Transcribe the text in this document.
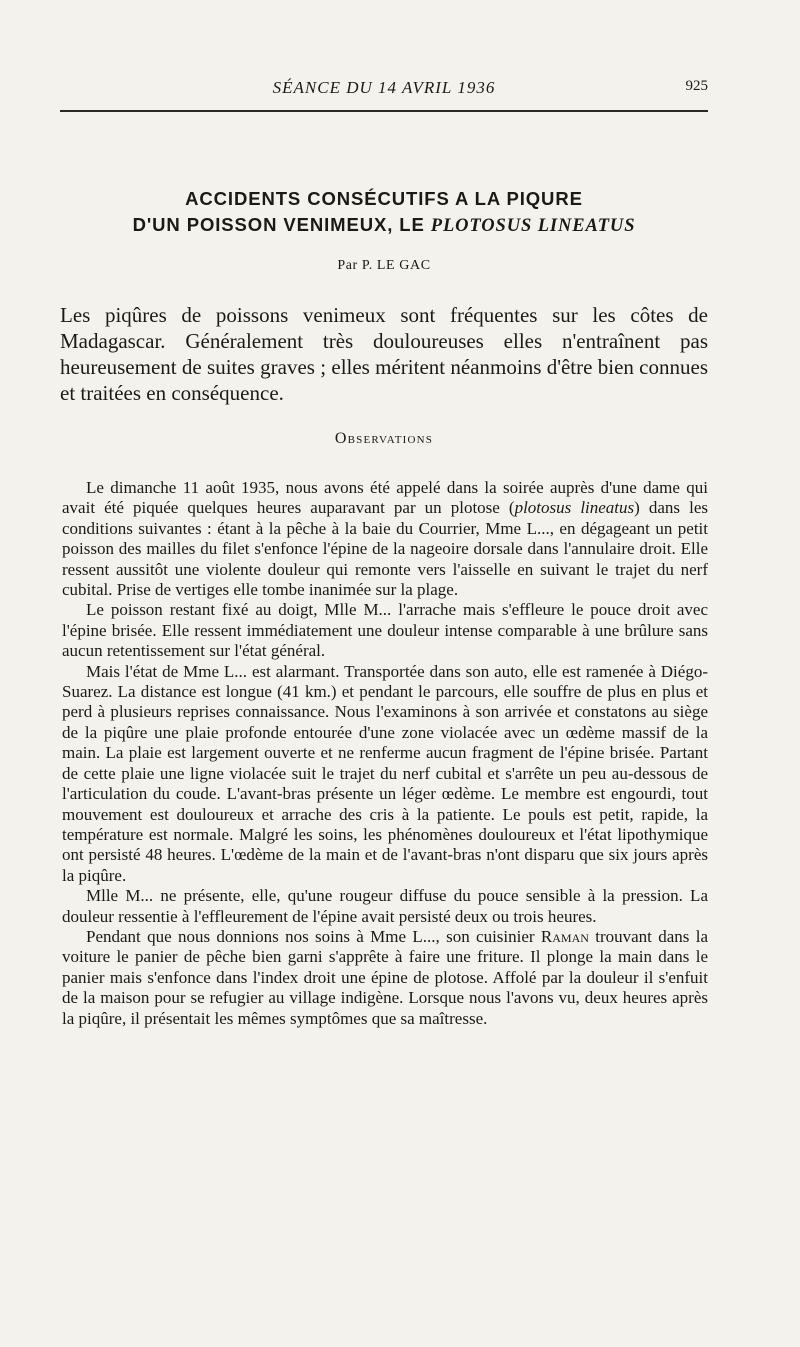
SÉANCE DU 14 AVRIL 1936	925
ACCIDENTS CONSÉCUTIFS A LA PIQURE
D'UN POISSON VENIMEUX, LE PLOTOSUS LINEATUS
Par P. LE GAC

Les piqûres de poissons venimeux sont fréquentes sur les côtes de Madagascar. Généralement très douloureuses elles n'entraînent pas heureusement de suites graves ; elles méritent néanmoins d'être bien connues et traitées en conséquence.

Observations

Le dimanche 11 août 1935, nous avons été appelé dans la soirée auprès d'une dame qui avait été piquée quelques heures auparavant par un plotose (plotosus lineatus) dans les conditions suivantes : étant à la pêche à la baie du Courrier, Mme L..., en dégageant un petit poisson des mailles du filet s'enfonce l'épine de la nageoire dorsale dans l'annulaire droit. Elle ressent aussitôt une violente douleur qui remonte vers l'aisselle en suivant le trajet du nerf cubital. Prise de vertiges elle tombe inanimée sur la plage.

Le poisson restant fixé au doigt, Mlle M... l'arrache mais s'effleure le pouce droit avec l'épine brisée. Elle ressent immédiatement une douleur intense comparable à une brûlure sans aucun retentissement sur l'état général.

Mais l'état de Mme L... est alarmant. Transportée dans son auto, elle est ramenée à Diégo-Suarez. La distance est longue (41 km.) et pendant le parcours, elle souffre de plus en plus et perd à plusieurs reprises connaissance. Nous l'examinons à son arrivée et constatons au siège de la piqûre une plaie profonde entourée d'une zone violacée avec un œdème massif de la main. La plaie est largement ouverte et ne renferme aucun fragment de l'épine brisée. Partant de cette plaie une ligne violacée suit le trajet du nerf cubital et s'arrête un peu au-dessous de l'articulation du coude. L'avant-bras présente un léger œdème. Le membre est engourdi, tout mouvement est douloureux et arrache des cris à la patiente. Le pouls est petit, rapide, la température est normale. Malgré les soins, les phénomènes douloureux et l'état lipothymique ont persisté 48 heures. L'œdème de la main et de l'avant-bras n'ont disparu que six jours après la piqûre.

Mlle M... ne présente, elle, qu'une rougeur diffuse du pouce sensible à la pression. La douleur ressentie à l'effleurement de l'épine avait persisté deux ou trois heures.

Pendant que nous donnions nos soins à Mme L..., son cuisinier Raman trouvant dans la voiture le panier de pêche bien garni s'apprête à faire une friture. Il plonge la main dans le panier mais s'enfonce dans l'index droit une épine de plotose. Affolé par la douleur il s'enfuit de la maison pour se refugier au village indigène. Lorsque nous l'avons vu, deux heures après la piqûre, il présentait les mêmes symptômes que sa maîtresse.
